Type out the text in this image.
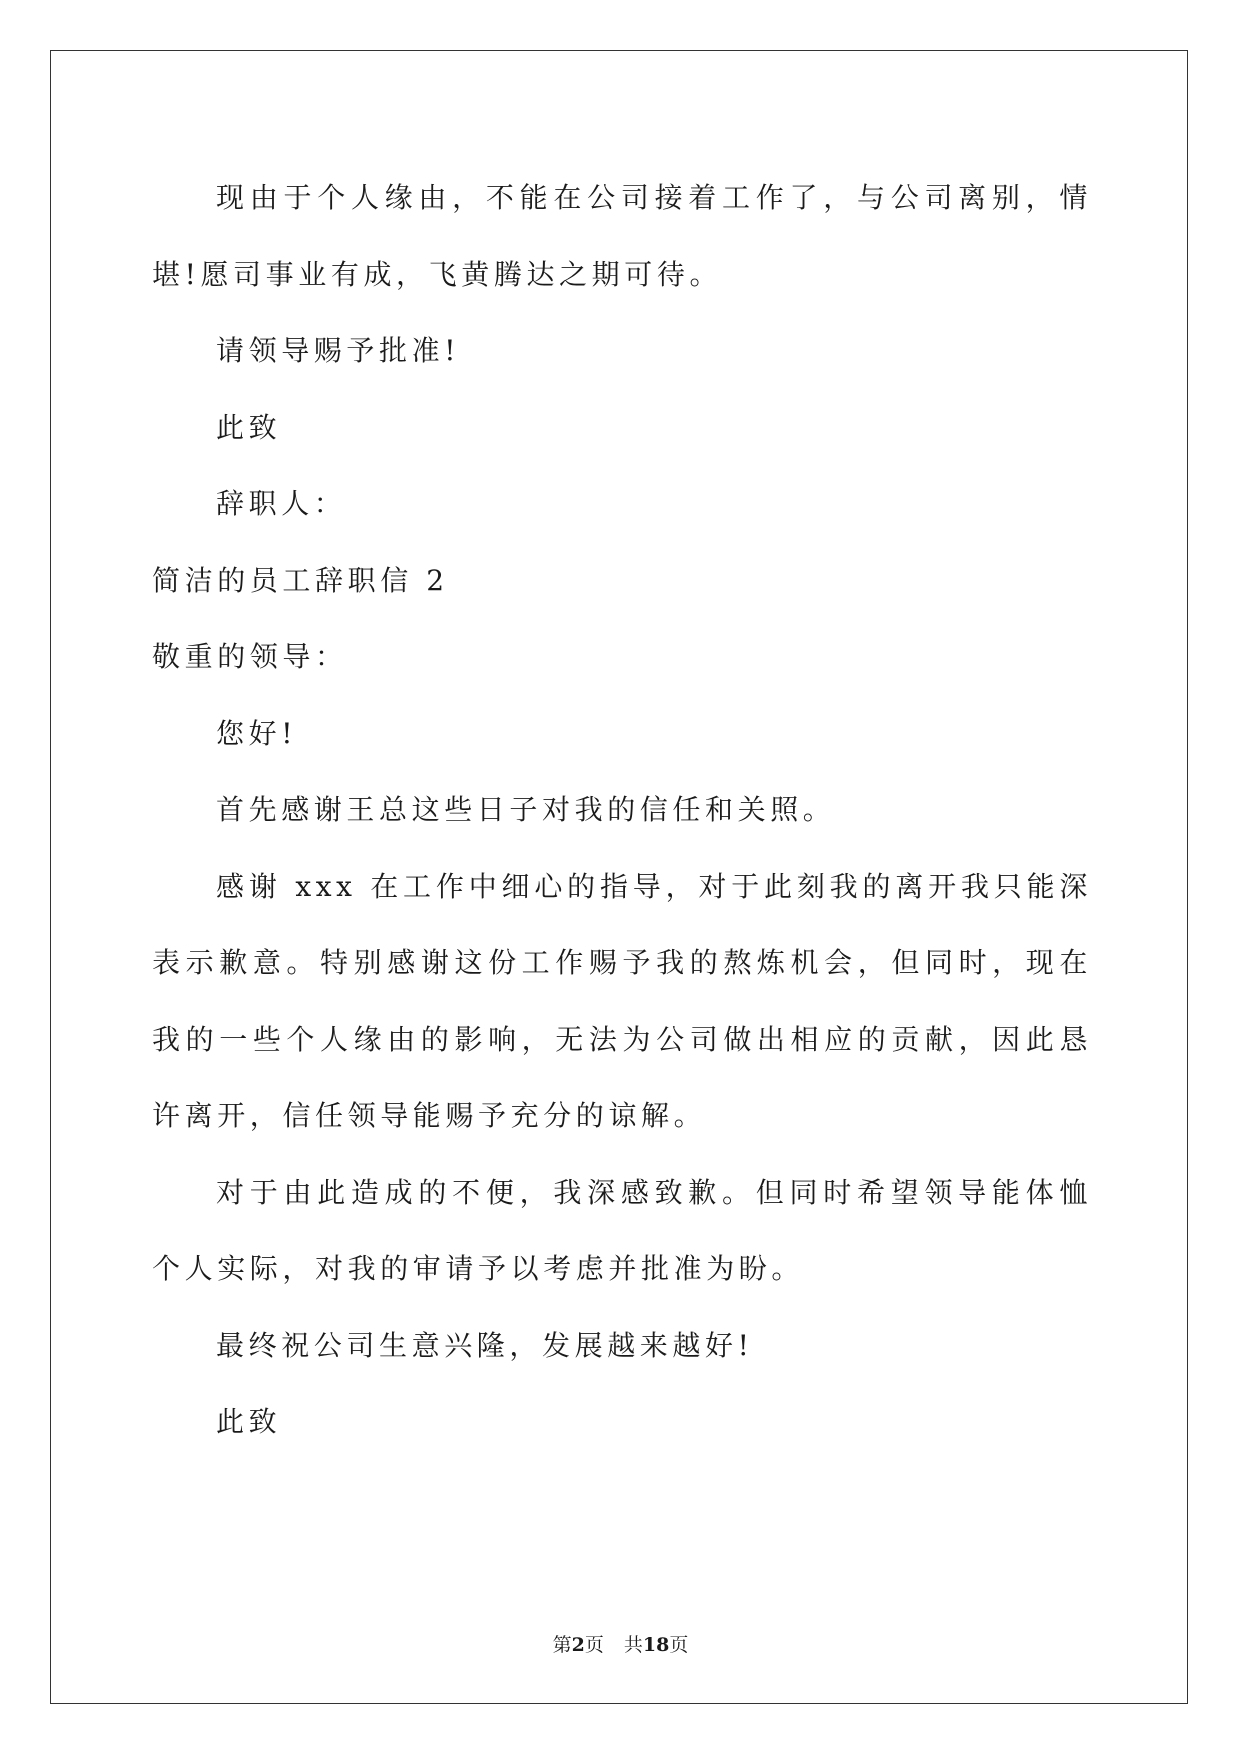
现由于个人缘由，不能在公司接着工作了，与公司离别，情
堪!愿司事业有成，飞黄腾达之期可待。
请领导赐予批准!
此致
辞职人：
简洁的员工辞职信 2
敬重的领导：
您好!
首先感谢王总这些日子对我的信任和关照。
感谢 xxx 在工作中细心的指导，对于此刻我的离开我只能深
表示歉意。特别感谢这份工作赐予我的熬炼机会，但同时，现在
我的一些个人缘由的影响，无法为公司做出相应的贡献，因此恳
许离开，信任领导能赐予充分的谅解。
对于由此造成的不便，我深感致歉。但同时希望领导能体恤
个人实际，对我的审请予以考虑并批准为盼。
最终祝公司生意兴隆，发展越来越好!
此致
第2页 共18页
